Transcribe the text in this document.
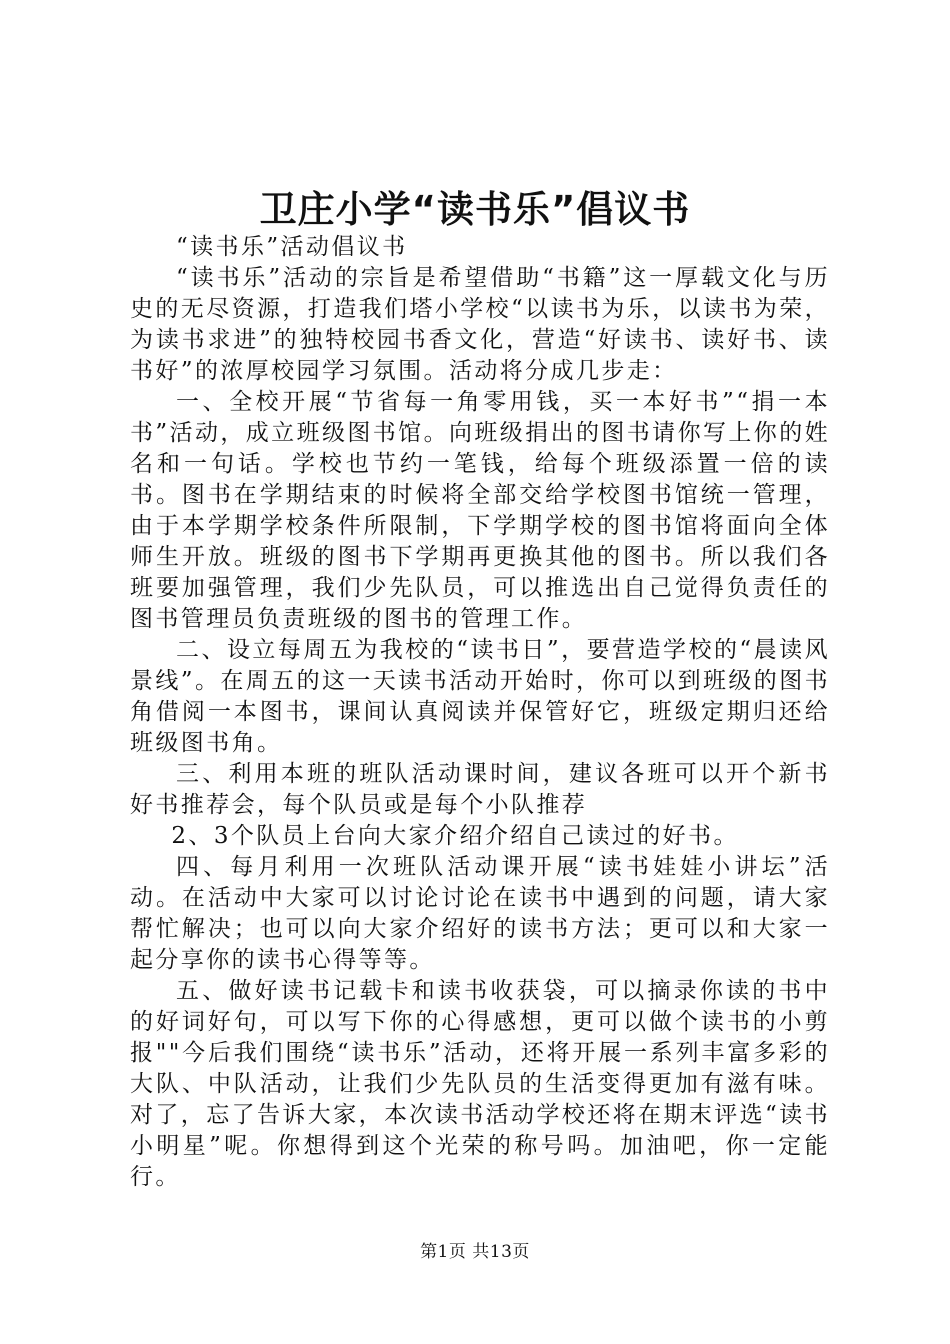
卫庄小学“读书乐”倡议书

“读书乐”活动倡议书

“读书乐”活动的宗旨是希望借助“书籍”这一厚载文化与历史的无尽资源，打造我们塔小学校“以读书为乐，以读书为荣，为读书求进”的独特校园书香文化，营造“好读书、读好书、读书好”的浓厚校园学习氛围。活动将分成几步走：

一、全校开展“节省每一角零用钱，买一本好书”“捐一本书”活动，成立班级图书馆。向班级捐出的图书请你写上你的姓名和一句话。学校也节约一笔钱，给每个班级添置一倍的读书。图书在学期结束的时候将全部交给学校图书馆统一管理，由于本学期学校条件所限制，下学期学校的图书馆将面向全体师生开放。班级的图书下学期再更换其他的图书。所以我们各班要加强管理，我们少先队员，可以推选出自己觉得负责任的图书管理员负责班级的图书的管理工作。

二、设立每周五为我校的“读书日”，要营造学校的“晨读风景线”。在周五的这一天读书活动开始时，你可以到班级的图书角借阅一本图书，课间认真阅读并保管好它，班级定期归还给班级图书角。

三、利用本班的班队活动课时间，建议各班可以开个新书好书推荐会，每个队员或是每个小队推荐

2、3个队员上台向大家介绍介绍自己读过的好书。

四、每月利用一次班队活动课开展“读书娃娃小讲坛”活动。在活动中大家可以讨论讨论在读书中遇到的问题，请大家帮忙解决；也可以向大家介绍好的读书方法；更可以和大家一起分享你的读书心得等等。

五、做好读书记载卡和读书收获袋，可以摘录你读的书中的好词好句，可以写下你的心得感想，更可以做个读书的小剪报""今后我们围绕“读书乐”活动，还将开展一系列丰富多彩的大队、中队活动，让我们少先队员的生活变得更加有滋有味。对了，忘了告诉大家，本次读书活动学校还将在期末评选“读书小明星”呢。你想得到这个光荣的称号吗。加油吧，你一定能行。

第1页 共13页
